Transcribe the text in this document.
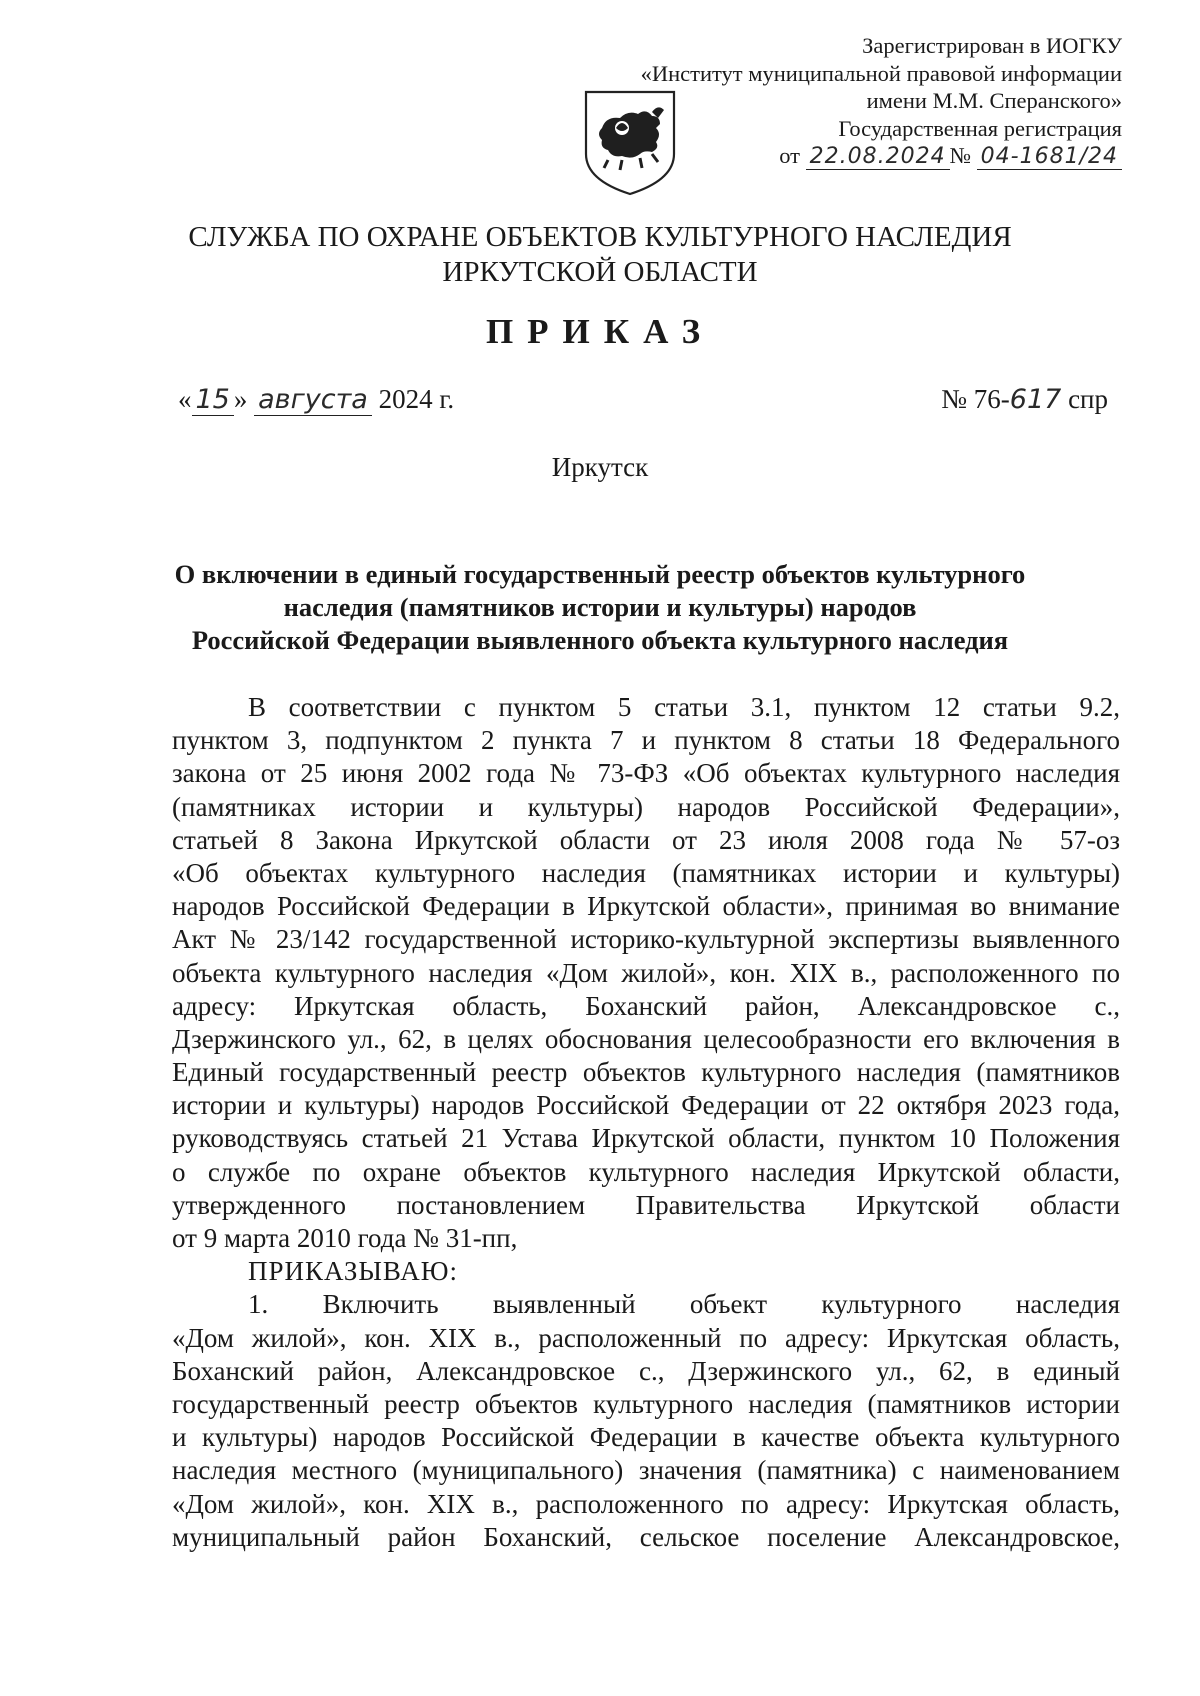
Зарегистрирован в ИОГКУ
«Институт муниципальной правовой информации
имени М.М. Сперанского»
Государственная регистрация
от 22.08.2024 № 04-1681/24
СЛУЖБА ПО ОХРАНЕ ОБЪЕКТОВ КУЛЬТУРНОГО НАСЛЕДИЯ
ИРКУТСКОЙ ОБЛАСТИ
ПРИКАЗ
« 15 » августа 2024 г.	№ 76-617 спр
Иркутск
О включении в единый государственный реестр объектов культурного
наследия (памятников истории и культуры) народов
Российской Федерации выявленного объекта культурного наследия
В соответствии с пунктом 5 статьи 3.1, пунктом 12 статьи 9.2,
пунктом 3, подпунктом 2 пункта 7 и пунктом 8 статьи 18 Федерального
закона от 25 июня 2002 года № 73-ФЗ «Об объектах культурного наследия
(памятниках истории и культуры) народов Российской Федерации»,
статьей 8 Закона Иркутской области от 23 июля 2008 года № 57-оз
«Об объектах культурного наследия (памятниках истории и культуры)
народов Российской Федерации в Иркутской области», принимая во внимание
Акт № 23/142 государственной историко-культурной экспертизы выявленного
объекта культурного наследия «Дом жилой», кон. XIX в., расположенного по
адресу: Иркутская область, Боханский район, Александровское с.,
Дзержинского ул., 62, в целях обоснования целесообразности его включения в
Единый государственный реестр объектов культурного наследия (памятников
истории и культуры) народов Российской Федерации от 22 октября 2023 года,
руководствуясь статьей 21 Устава Иркутской области, пунктом 10 Положения
о службе по охране объектов культурного наследия Иркутской области,
утвержденного постановлением Правительства Иркутской области
от 9 марта 2010 года № 31-пп,
ПРИКАЗЫВАЮ:
1. Включить выявленный объект культурного наследия
«Дом жилой», кон. XIX в., расположенный по адресу: Иркутская область,
Боханский район, Александровское с., Дзержинского ул., 62, в единый
государственный реестр объектов культурного наследия (памятников истории
и культуры) народов Российской Федерации в качестве объекта культурного
наследия местного (муниципального) значения (памятника) с наименованием
«Дом жилой», кон. XIX в., расположенного по адресу: Иркутская область,
муниципальный район Боханский, сельское поселение Александровское,
